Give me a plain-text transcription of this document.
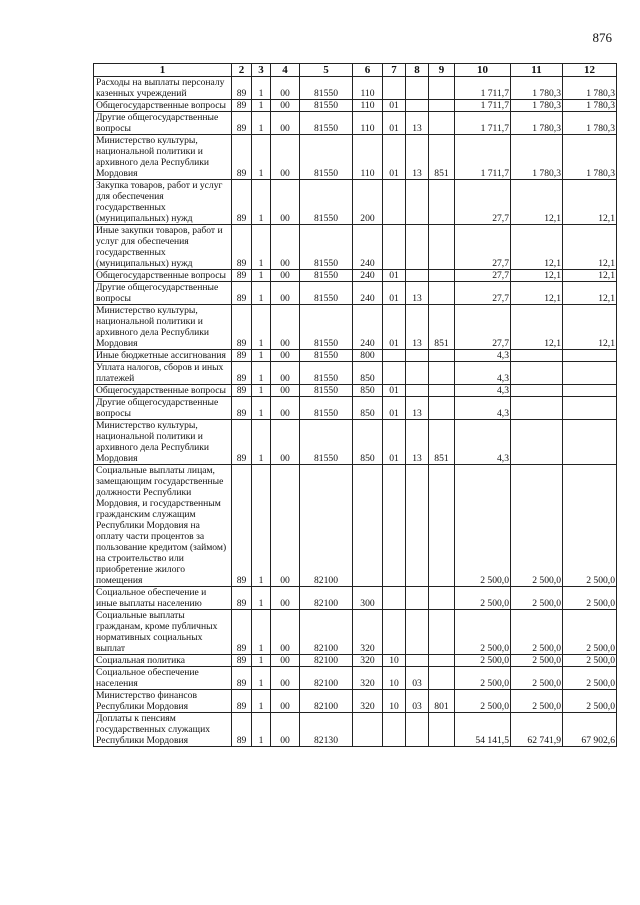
876
1	2	3	4	5	6	7	8	9	10	11	12
Расходы на выплаты персоналу казенных учреждений	89	1	00	81550	110				1 711,7	1 780,3	1 780,3
Общегосударственные вопросы	89	1	00	81550	110	01			1 711,7	1 780,3	1 780,3
Другие общегосударственные вопросы	89	1	00	81550	110	01	13		1 711,7	1 780,3	1 780,3
Министерство культуры, национальной политики и архивного дела Республики Мордовия	89	1	00	81550	110	01	13	851	1 711,7	1 780,3	1 780,3
Закупка товаров, работ и услуг для обеспечения государственных (муниципальных) нужд	89	1	00	81550	200				27,7	12,1	12,1
Иные закупки товаров, работ и услуг для обеспечения государственных (муниципальных) нужд	89	1	00	81550	240				27,7	12,1	12,1
Общегосударственные вопросы	89	1	00	81550	240	01			27,7	12,1	12,1
Другие общегосударственные вопросы	89	1	00	81550	240	01	13		27,7	12,1	12,1
Министерство культуры, национальной политики и архивного дела Республики Мордовия	89	1	00	81550	240	01	13	851	27,7	12,1	12,1
Иные бюджетные ассигнования	89	1	00	81550	800				4,3		
Уплата налогов, сборов и иных платежей	89	1	00	81550	850				4,3		
Общегосударственные вопросы	89	1	00	81550	850	01			4,3		
Другие общегосударственные вопросы	89	1	00	81550	850	01	13		4,3		
Министерство культуры, национальной политики и архивного дела Республики Мордовия	89	1	00	81550	850	01	13	851	4,3		
Социальные выплаты лицам, замещающим государственные должности Республики Мордовия, и государственным гражданским служащим Республики Мордовия на оплату части процентов за пользование кредитом (займом) на строительство или приобретение жилого помещения	89	1	00	82100					2 500,0	2 500,0	2 500,0
Социальное обеспечение и иные выплаты населению	89	1	00	82100	300				2 500,0	2 500,0	2 500,0
Социальные выплаты гражданам, кроме публичных нормативных социальных выплат	89	1	00	82100	320				2 500,0	2 500,0	2 500,0
Социальная политика	89	1	00	82100	320	10			2 500,0	2 500,0	2 500,0
Социальное обеспечение населения	89	1	00	82100	320	10	03		2 500,0	2 500,0	2 500,0
Министерство финансов Республики Мордовия	89	1	00	82100	320	10	03	801	2 500,0	2 500,0	2 500,0
Доплаты к пенсиям государственных служащих Республики Мордовия	89	1	00	82130					54 141,5	62 741,9	67 902,6
